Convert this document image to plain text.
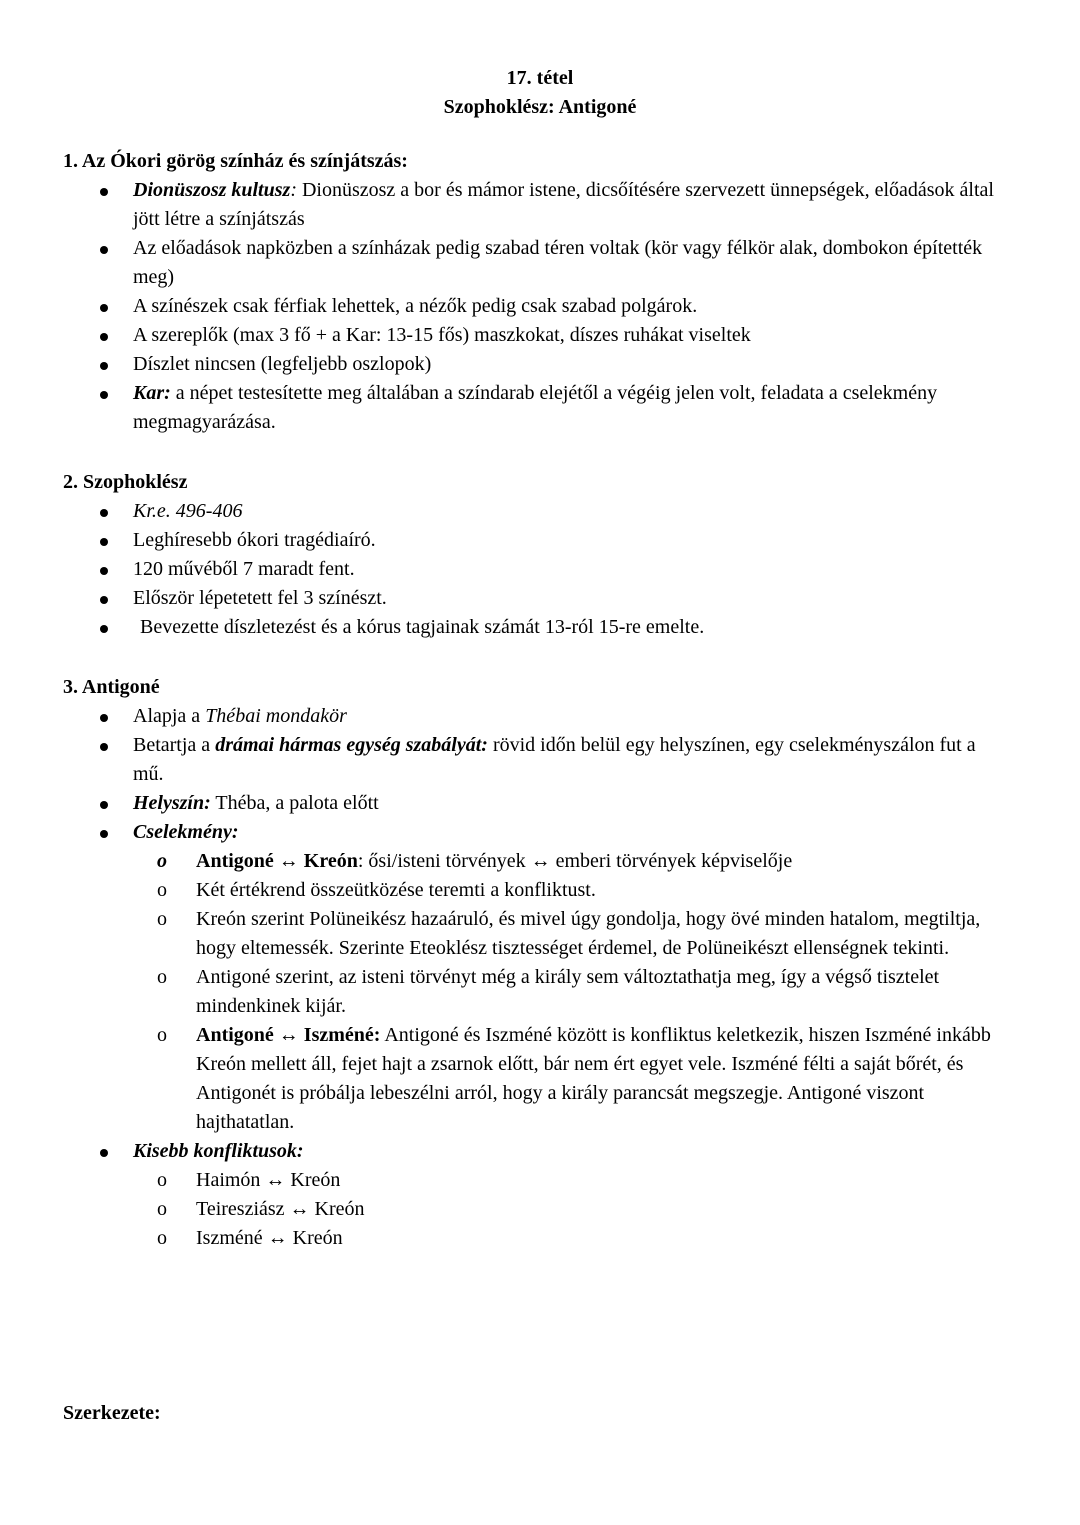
17. tétel
Szophoklész: Antigoné
1. Az Ókori görög színház és színjátszás:
Dionüszosz kultusz: Dionüszosz a bor és mámor istene, dicsőítésére szervezett ünnepségek, előadások által jött létre a színjátszás
Az előadások napközben a színházak pedig szabad téren voltak (kör vagy félkör alak, dombokon építették meg)
A színészek csak férfiak lehettek, a nézők pedig csak szabad polgárok.
A szereplők (max 3 fő + a Kar: 13-15 fős) maszkokat, díszes ruhákat viseltek
Díszlet nincsen (legfeljebb oszlopok)
Kar: a népet testesítette meg általában a színdarab elejétől a végéig jelen volt, feladata a cselekmény megmagyarázása.
2. Szophoklész
Kr.e. 496-406
Leghíresebb ókori tragédiaíró.
120 művéből 7 maradt fent.
Először lépetetett fel 3 színészt.
Bevezette díszletezést és a kórus tagjainak számát 13-ról 15-re emelte.
3. Antigoné
Alapja a Thébai mondakör
Betartja a drámai hármas egység szabályát: rövid időn belül egy helyszínen, egy cselekményszálon fut a mű.
Helyszín: Théba, a palota előtt
Cselekmény:
o	Antigoné ↔ Kreón: ősi/isteni törvények ↔ emberi törvények képviselője
o	Két értékrend összeütközése teremti a konfliktust.
o	Kreón szerint Polüneikész hazaáruló, és mivel úgy gondolja, hogy övé minden hatalom, megtiltja, hogy eltemessék. Szerinte Eteoklész tisztességet érdemel, de Polüneikészt ellenségnek tekinti.
o	Antigoné szerint, az isteni törvényt még a király sem változtathatja meg, így a végső tisztelet mindenkinek kijár.
o	Antigoné ↔ Iszméné: Antigoné és Iszméné között is konfliktus keletkezik, hiszen Iszméné inkább Kreón mellett áll, fejet hajt a zsarnok előtt, bár nem ért egyet vele. Iszméné félti a saját bőrét, és Antigonét is próbálja lebeszélni arról, hogy a király parancsát megszegje. Antigoné viszont hajthatatlan.
Kisebb konfliktusok:
o	Haimón ↔ Kreón
o	Teiresziász ↔ Kreón
o	Iszméné ↔ Kreón
Szerkezete:
